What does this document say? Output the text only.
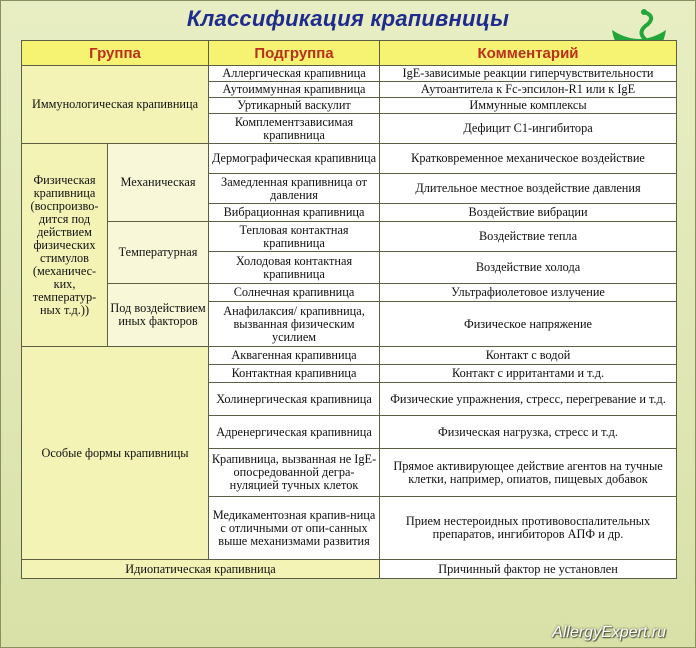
Классификация крапивницы
Группа		Подгруппа	Комментарий
Иммунологическая крапивница		Аллергическая крапивница	IgE-зависимые реакции гиперчувствительности
		Аутоиммунная крапивница	Аутоантитела к Fc-эпсилон-R1 или к IgE
		Уртикарный васкулит	Иммунные комплексы
		Комплементзависимая крапивница	Дефицит С1-ингибитора
Физическая крапивница (воспроизво-дится под действием физических стимулов (механичес-ких, температур-ных т.д.))	Механическая	Дермографическая крапивница	Кратковременное механическое воздействие
		Замедленная крапивница от давления	Длительное местное воздействие давления
		Вибрационная крапивница	Воздействие вибрации
	Температурная	Тепловая контактная крапивница	Воздействие тепла
		Холодовая контактная крапивница	Воздействие холода
	Под воздействием иных факторов	Солнечная крапивница	Ультрафиолетовое излучение
		Анафилаксия/ крапивница, вызванная физическим усилием	Физическое напряжение
Особые формы крапивницы		Аквагенная крапивница	Контакт с водой
		Контактная крапивница	Контакт с ирритантами и т.д.
		Холинергическая крапивница	Физические упражнения, стресс, перегревание и т.д.
		Адренергическая крапивница	Физическая нагрузка, стресс и т.д.
		Крапивница, вызванная не IgE-опосредованной дегра-нуляцией тучных клеток	Прямое активирующее действие агентов на тучные клетки, например, опиатов, пищевых добавок
		Медикаментозная крапив-ница с отличными от опи-санных выше механизмами развития	Прием нестероидных противовоспалительных препаратов, ингибиторов АПФ и др.
Идиопатическая крапивница			Причинный фактор не установлен
AllergyExpert.ru
